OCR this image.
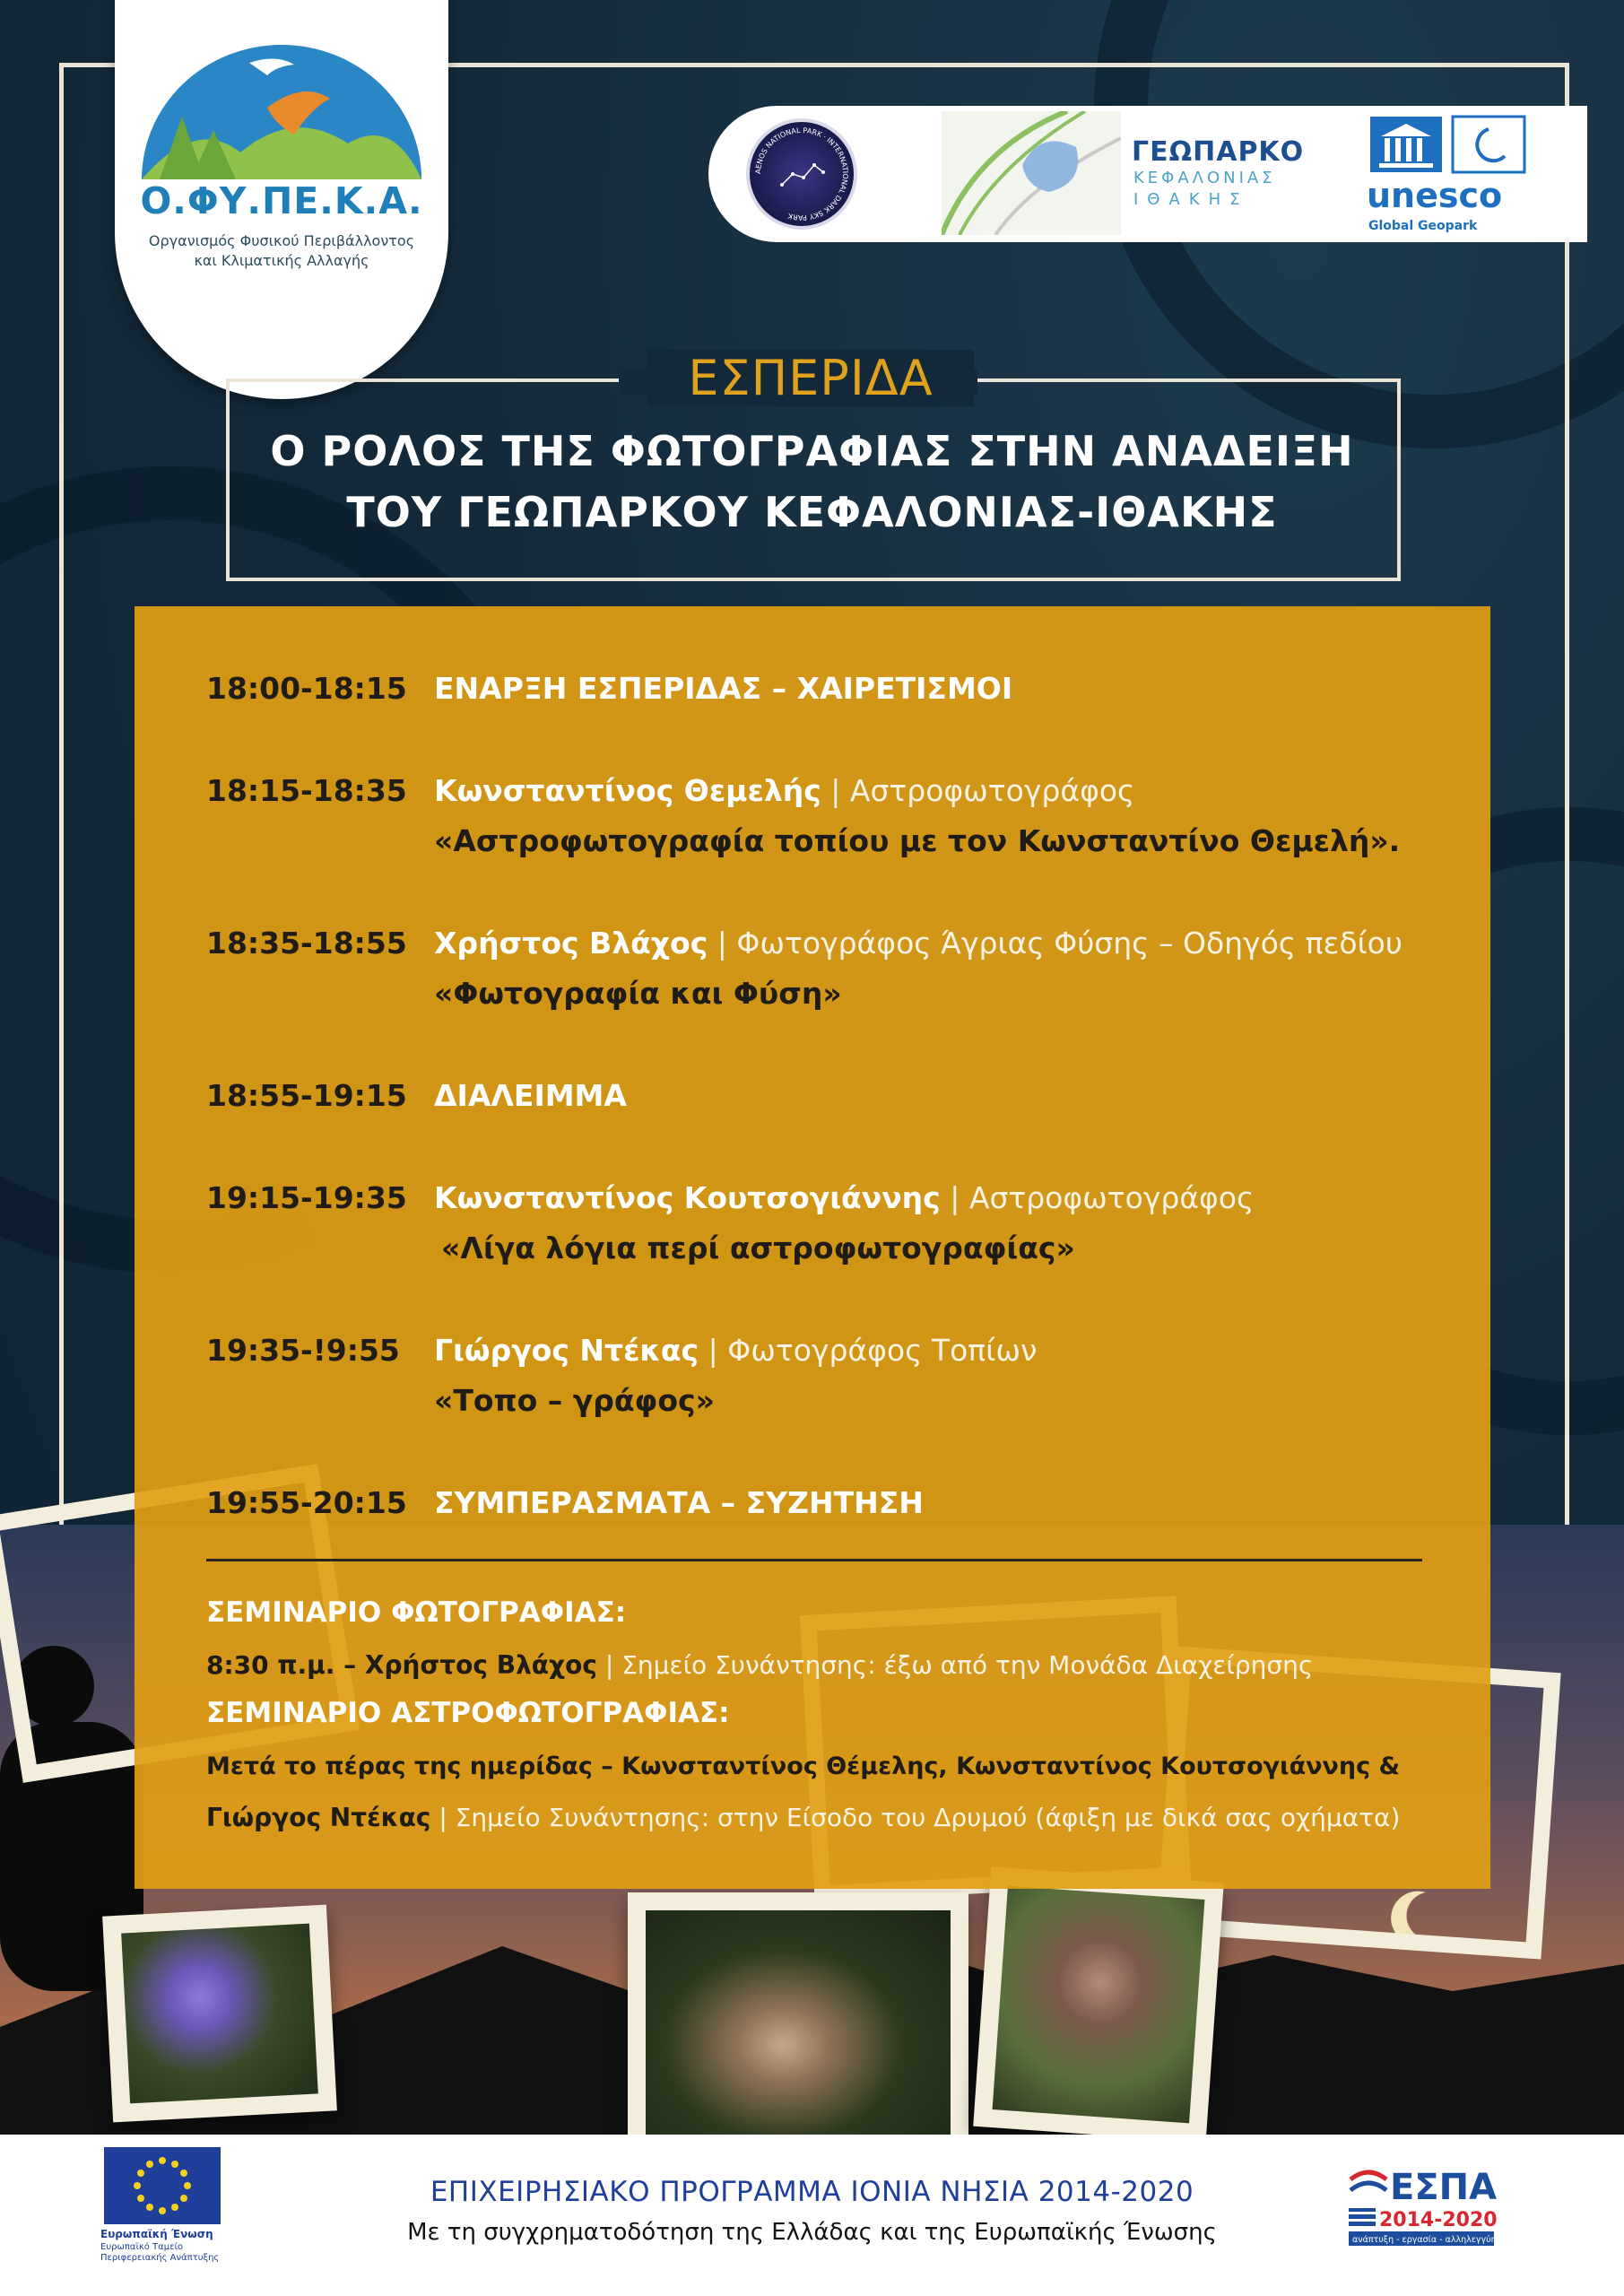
Ο.ΦΥ.ΠΕ.Κ.Α.
Οργανισμός Φυσικού Περιβάλλοντος
και Κλιματικής Αλλαγής
AENOS NATIONAL PARK · INTERNATIONAL DARK SKY PARK
ΓΕΩΠΑΡΚΟ
ΚΕΦΑΛΟΝΙΑΣ
ΙΘΑΚΗΣ	unesco
Global Geopark
ΕΣΠΕΡΙΔΑ
Ο ΡΟΛΟΣ ΤΗΣ ΦΩΤΟΓΡΑΦΙΑΣ ΣΤΗΝ ΑΝΑΔΕΙΞΗ
ΤΟΥ ΓΕΩΠΑΡΚΟΥ ΚΕΦΑΛΟΝΙΑΣ-ΙΘΑΚΗΣ
18:00-18:15 ΕΝΑΡΞΗ ΕΣΠΕΡΙΔΑΣ – ΧΑΙΡΕΤΙΣΜΟΙ
18:15-18:35 Κωνσταντίνος Θεμελής | Αστροφωτογράφος
«Αστροφωτογραφία τοπίου με τον Κωνσταντίνο Θεμελή».
18:35-18:55 Χρήστος Βλάχος | Φωτογράφος Άγριας Φύσης – Οδηγός πεδίου
«Φωτογραφία και Φύση»
18:55-19:15 ΔΙΑΛΕΙΜΜΑ
19:15-19:35 Κωνσταντίνος Κουτσογιάννης | Αστροφωτογράφος
«Λίγα λόγια περί αστροφωτογραφίας»
19:35-!9:55	Γιώργος Ντέκας | Φωτογράφος Τοπίων
«Τοπο – γράφος»
19:55-20:15 ΣΥΜΠΕΡΑΣΜΑΤΑ – ΣΥΖΗΤΗΣΗ
ΣΕΜΙΝΑΡΙΟ ΦΩΤΟΓΡΑΦΙΑΣ:
8:30 π.μ. – Χρήστος Βλάχος | Σημείο Συνάντησης: έξω από την Μονάδα Διαχείρησης
ΣΕΜΙΝΑΡΙΟ ΑΣΤΡΟΦΩΤΟΓΡΑΦΙΑΣ:
Μετά το πέρας της ημερίδας – Κωνσταντίνος Θέμελης, Κωνσταντίνος Κουτσογιάννης &
Γιώργος Ντέκας | Σημείο Συνάντησης: στην Είσοδο του Δρυμού (άφιξη με δικά σας οχήματα)
Ευρωπαϊκή Ένωση
Ευρωπαϊκό Ταμείο Περιφερειακής Ανάπτυξης
ΕΠΙΧΕΙΡΗΣΙΑΚΟ ΠΡΟΓΡΑΜΜΑ ΙΟΝΙΑ ΝΗΣΙΑ 2014-2020
Με τη συγχρηματοδότηση της Ελλάδας και της Ευρωπαϊκής Ένωσης
ΕΣΠΑ
2014-2020
ανάπτυξη - εργασία - αλληλεγγύη
